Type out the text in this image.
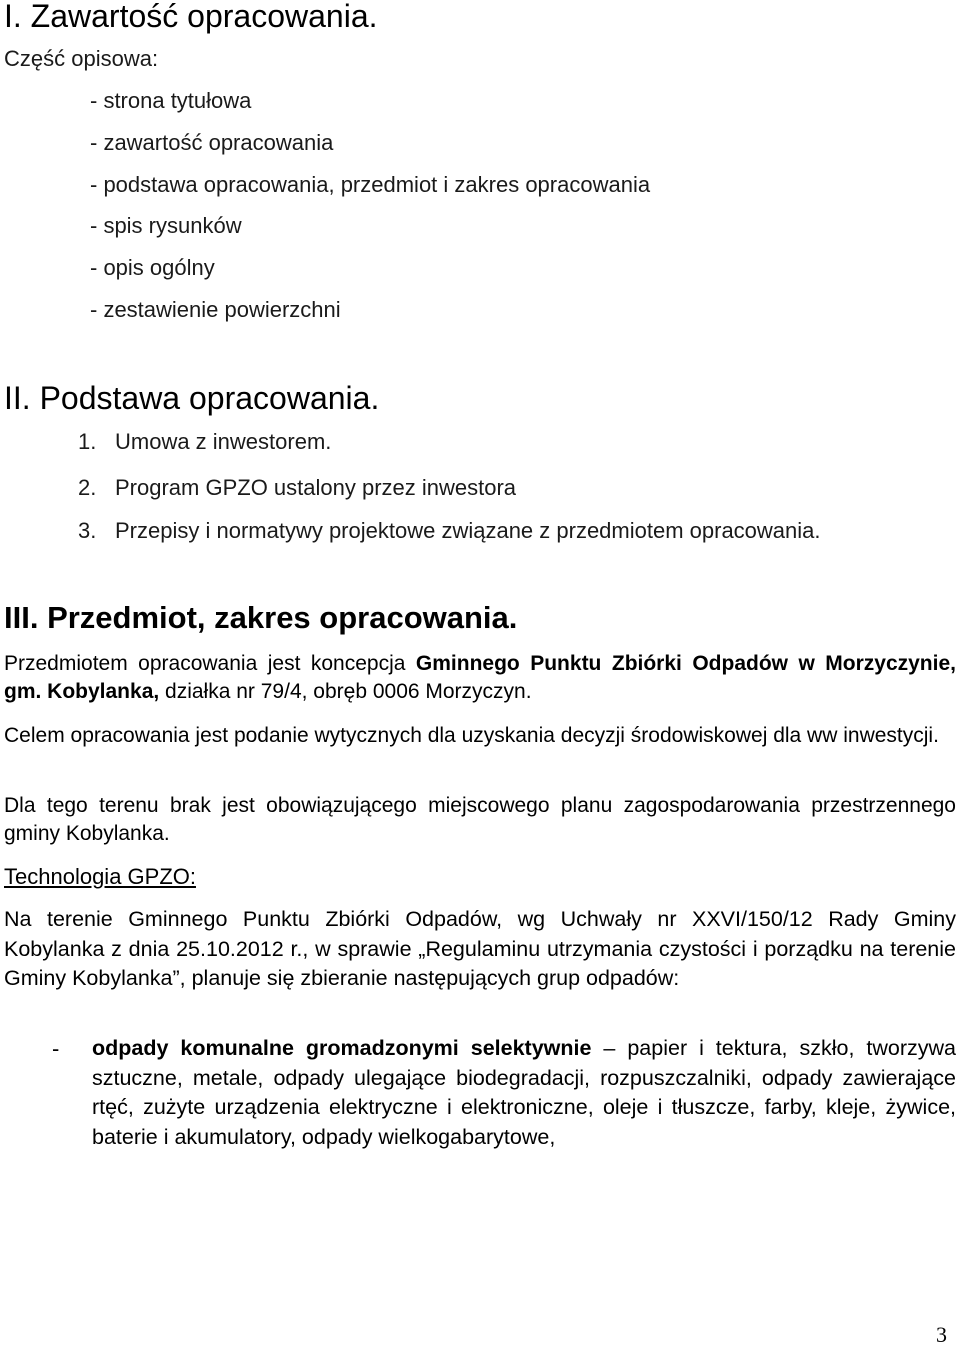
I. Zawartość opracowania.
Część opisowa:
- strona tytułowa
- zawartość opracowania
- podstawa opracowania, przedmiot i zakres opracowania
- spis rysunków
- opis ogólny
- zestawienie powierzchni
II. Podstawa opracowania.
1. Umowa z inwestorem.
2. Program GPZO ustalony przez inwestora
3. Przepisy i normatywy projektowe związane z przedmiotem opracowania.
III. Przedmiot, zakres opracowania.
Przedmiotem opracowania jest koncepcja Gminnego Punktu Zbiórki Odpadów w Morzyczynie, gm. Kobylanka, działka nr 79/4, obręb 0006 Morzyczyn.
Celem opracowania jest podanie wytycznych dla uzyskania decyzji środowiskowej dla ww inwestycji.
Dla tego terenu brak jest obowiązującego miejscowego planu zagospodarowania przestrzennego gminy Kobylanka.
Technologia GPZO:
Na terenie Gminnego Punktu Zbiórki Odpadów, wg Uchwały nr XXVI/150/12 Rady Gminy Kobylanka z dnia 25.10.2012 r., w sprawie „Regulaminu utrzymania czystości i porządku na terenie Gminy Kobylanka”, planuje się zbieranie następujących grup odpadów:
- odpady komunalne gromadzonymi selektywnie – papier i tektura, szkło, tworzywa sztuczne, metale, odpady ulegające biodegradacji, rozpuszczalniki, odpady zawierające rtęć, zużyte urządzenia elektryczne i elektroniczne, oleje i tłuszcze, farby, kleje, żywice, baterie i akumulatory, odpady wielkogabarytowe,
3
